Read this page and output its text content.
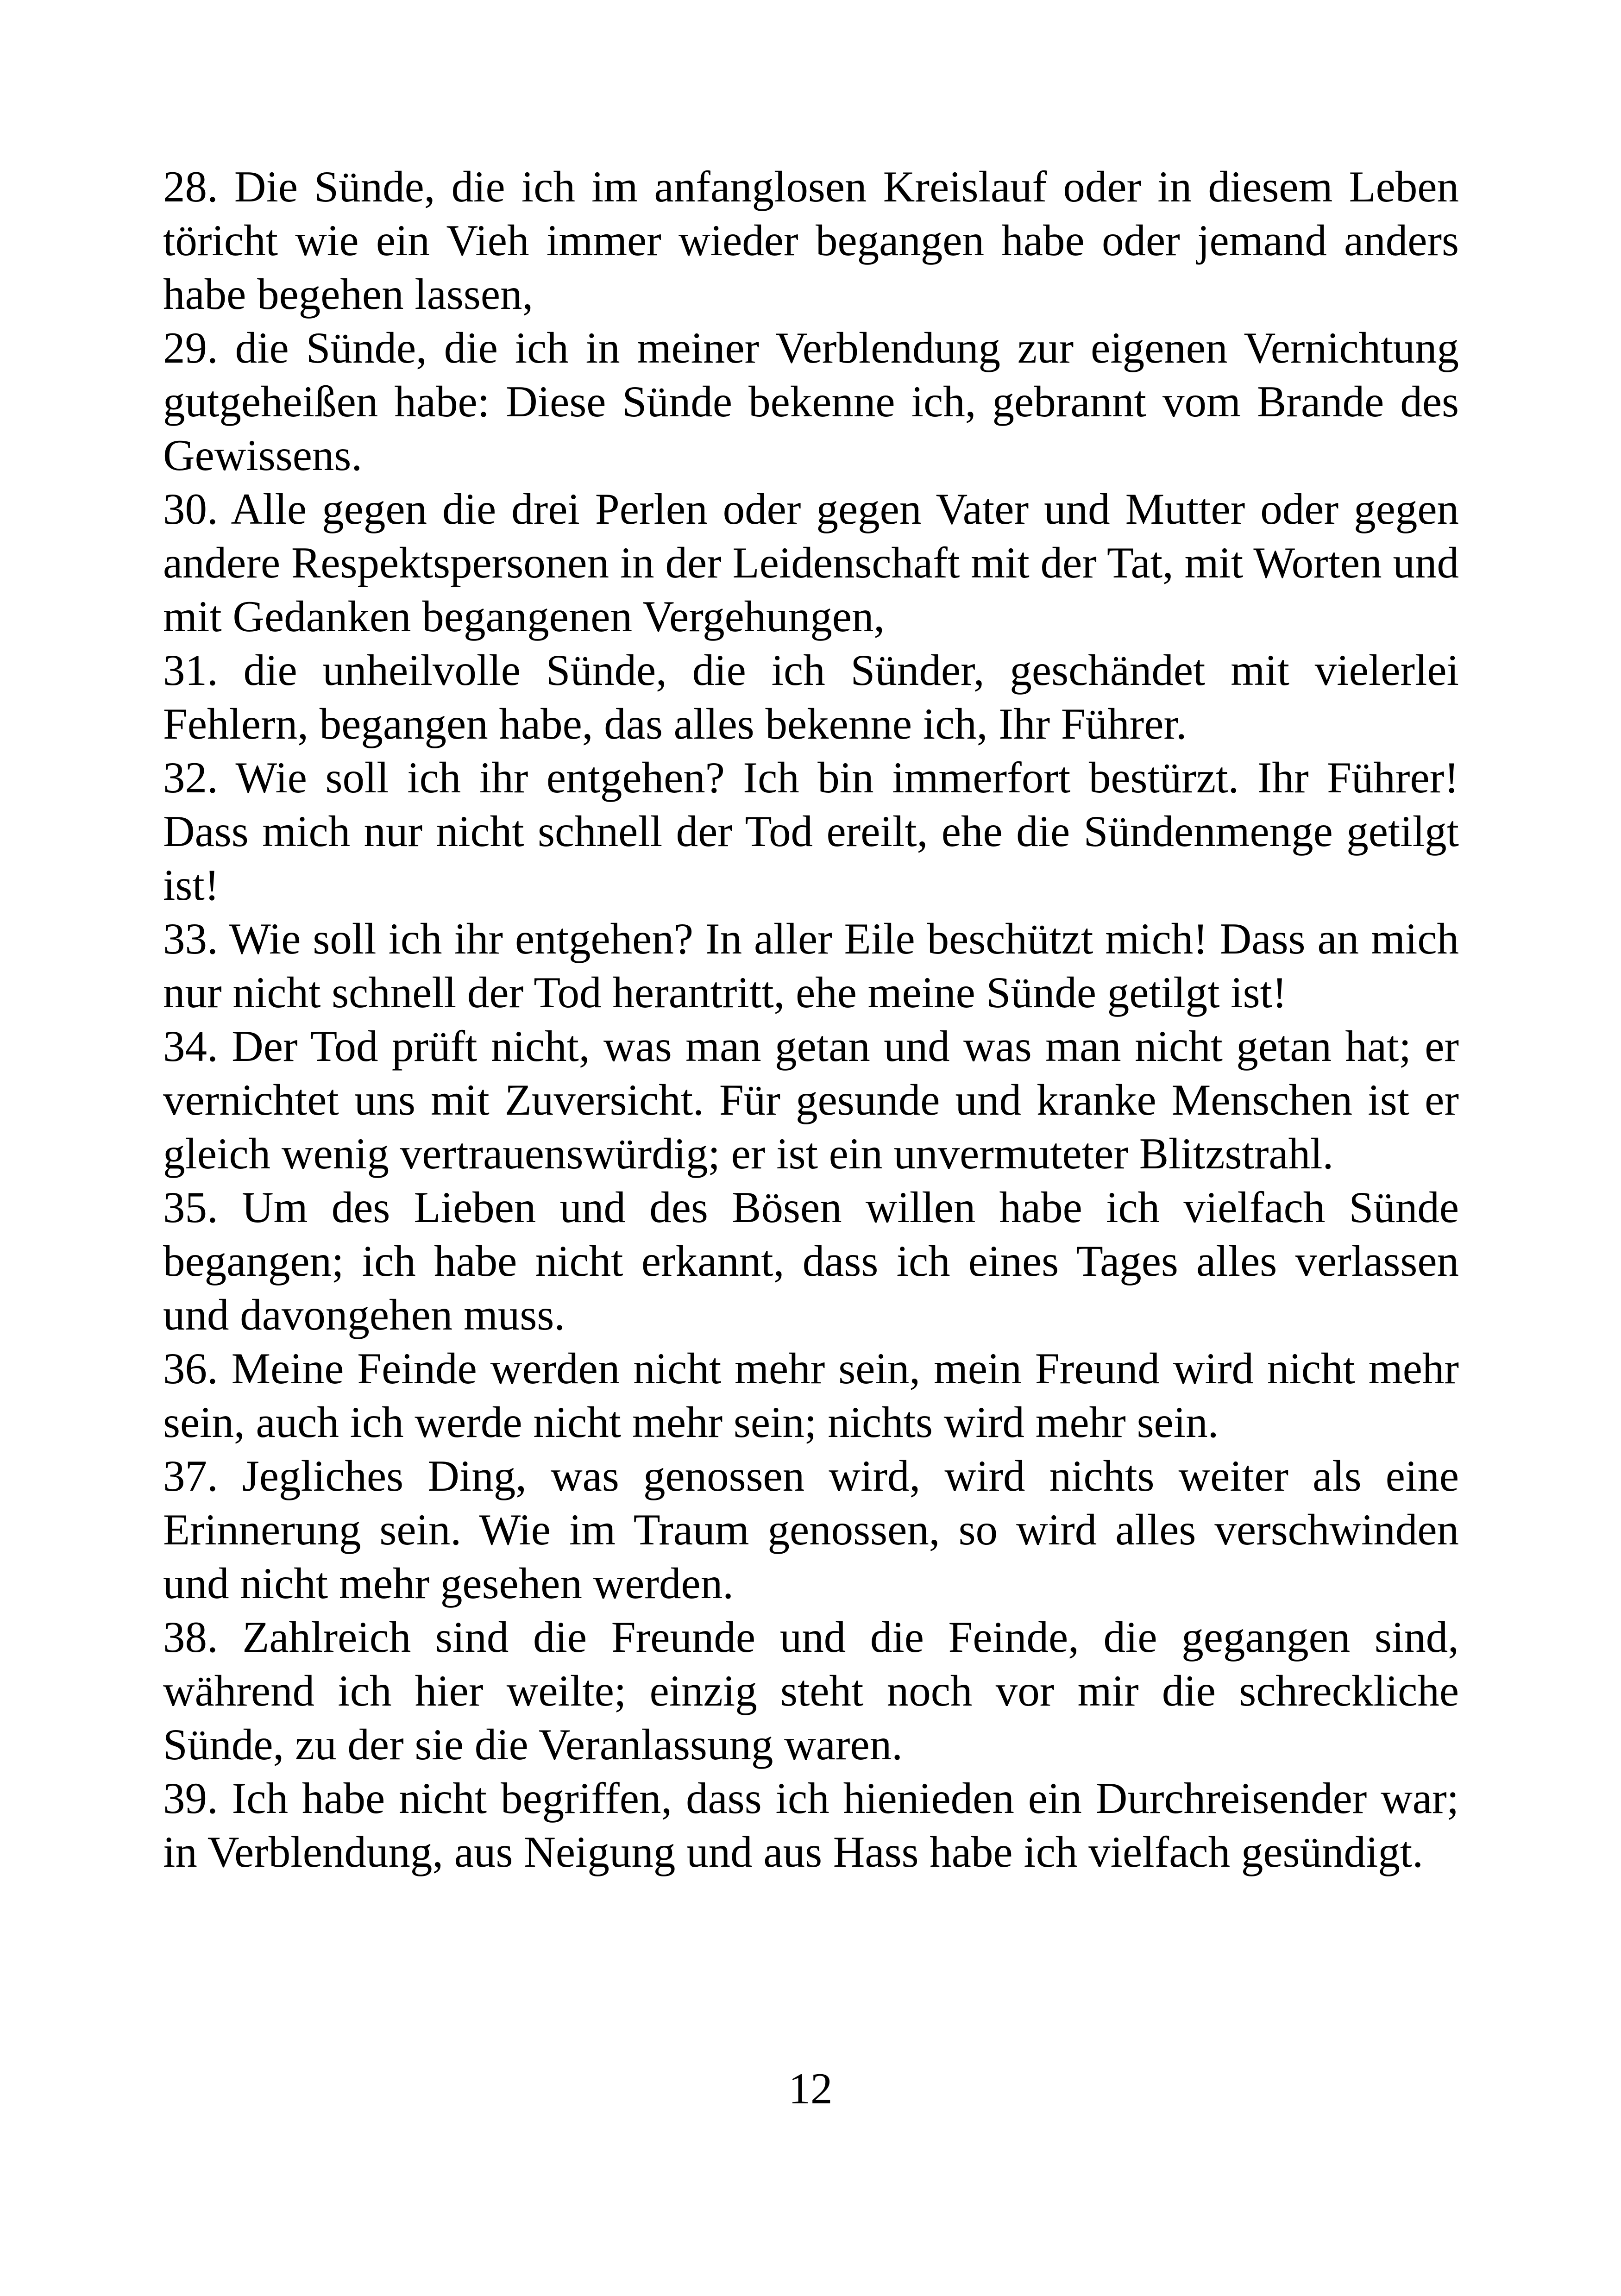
28. Die Sünde, die ich im anfanglosen Kreislauf oder in diesem Leben töricht wie ein Vieh immer wieder begangen habe oder jemand anders habe begehen lassen,

29. die Sünde, die ich in meiner Verblendung zur eigenen Vernichtung gutgeheißen habe: Diese Sünde bekenne ich, gebrannt vom Brande des Gewissens.

30. Alle gegen die drei Perlen oder gegen Vater und Mutter oder gegen andere Respektspersonen in der Leidenschaft mit der Tat, mit Worten und mit Gedanken begangenen Vergehungen,

31. die unheilvolle Sünde, die ich Sünder, geschändet mit vielerlei Fehlern, begangen habe, das alles bekenne ich, Ihr Führer.

32. Wie soll ich ihr entgehen? Ich bin immerfort bestürzt. Ihr Führer! Dass mich nur nicht schnell der Tod ereilt, ehe die Sündenmenge getilgt ist!

33. Wie soll ich ihr entgehen? In aller Eile beschützt mich! Dass an mich nur nicht schnell der Tod herantritt, ehe meine Sünde getilgt ist!

34. Der Tod prüft nicht, was man getan und was man nicht getan hat; er vernichtet uns mit Zuversicht. Für gesunde und kranke Menschen ist er gleich wenig vertrauenswürdig; er ist ein unvermuteter Blitzstrahl.

35. Um des Lieben und des Bösen willen habe ich vielfach Sünde begangen; ich habe nicht erkannt, dass ich eines Tages alles verlassen und davongehen muss.

36. Meine Feinde werden nicht mehr sein, mein Freund wird nicht mehr sein, auch ich werde nicht mehr sein; nichts wird mehr sein.

37. Jegliches Ding, was genossen wird, wird nichts weiter als eine Erinnerung sein. Wie im Traum genossen, so wird alles verschwinden und nicht mehr gesehen werden.

38. Zahlreich sind die Freunde und die Feinde, die gegangen sind, während ich hier weilte; einzig steht noch vor mir die schreckliche Sünde, zu der sie die Veranlassung waren.

39. Ich habe nicht begriffen, dass ich hienieden ein Durchreisender war; in Verblendung, aus Neigung und aus Hass habe ich vielfach gesündigt.

12
